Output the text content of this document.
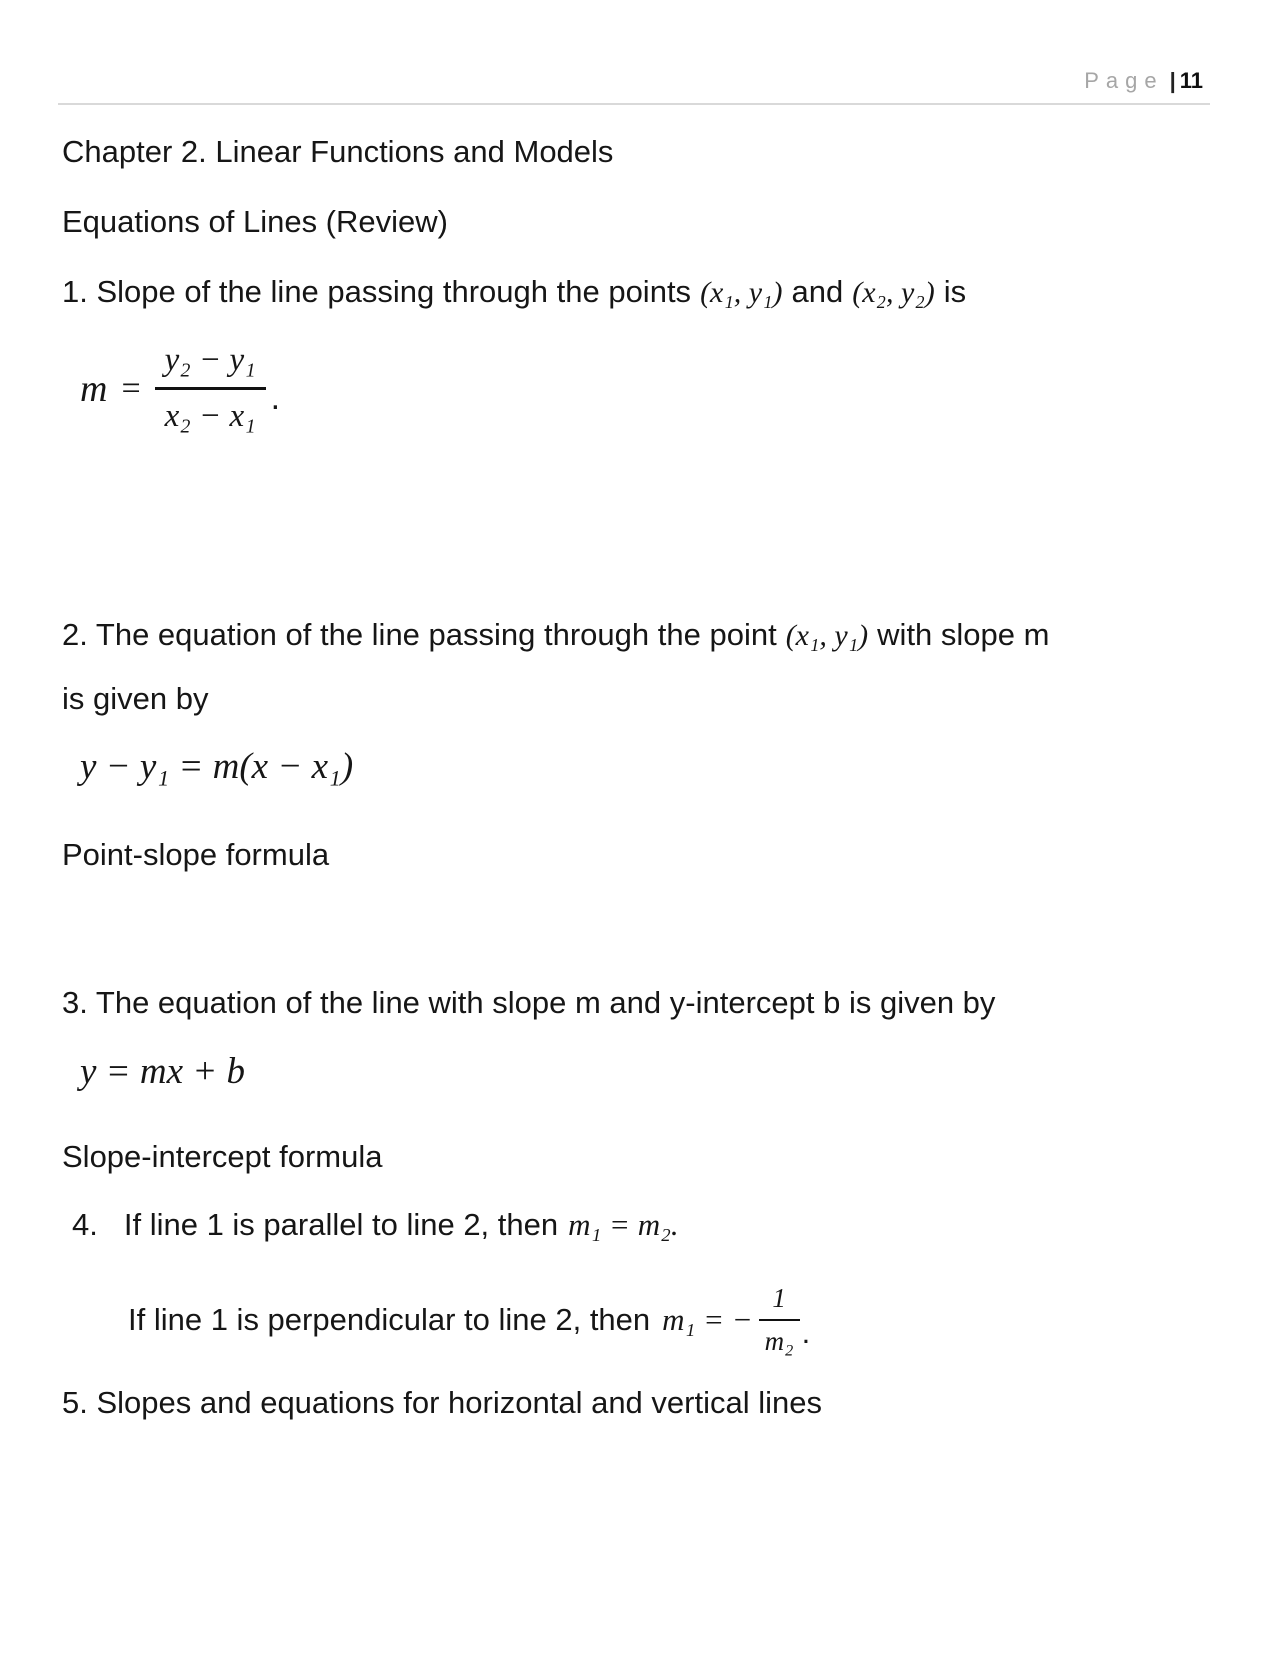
Page | 11
Chapter 2. Linear Functions and Models
Equations of Lines (Review)
1. Slope of the line passing through the points (x₁, y₁) and (x₂, y₂) is
$m = \frac{\text{y₂ − y₁}}{\text{x₂ − x₁}}$ .
2. The equation of the line passing through the point (x₁, y₁) with slope m
is given by
y − y₁ = m(x − x₁)
Point-slope formula
3. The equation of the line with slope m and y-intercept b is given by
y = mx + b
Slope-intercept formula
4. If line 1 is parallel to line 2, then m₁ = m₂.
If line 1 is perpendicular to line 2, then m₁ = − $\frac{1}{\text{m₂}}$ .
5. Slopes and equations for horizontal and vertical lines
